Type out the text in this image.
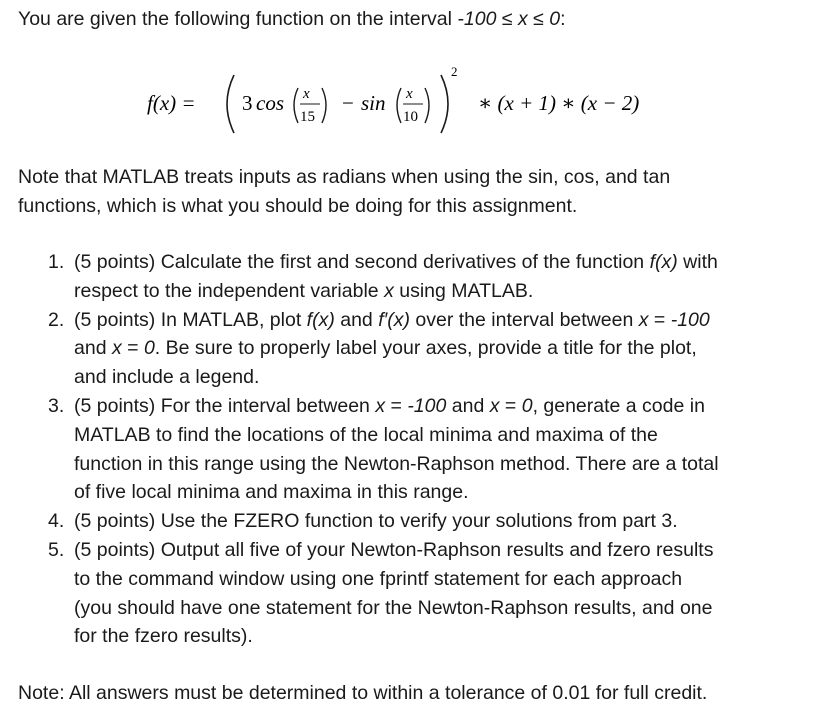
You are given the following function on the interval -100 ≤ x ≤ 0:
f(x) = 3 cos x
15
− sin x
10
2
∗ (x + 1) ∗ (x − 2)
Note that MATLAB treats inputs as radians when using the sin, cos, and tan
functions, which is what you should be doing for this assignment.
1. (5 points) Calculate the first and second derivatives of the function f(x) with
respect to the independent variable x using MATLAB.
2. (5 points) In MATLAB, plot f(x) and f′(x) over the interval between x = -100
and x = 0. Be sure to properly label your axes, provide a title for the plot,
and include a legend.
3. (5 points) For the interval between x = -100 and x = 0, generate a code in
MATLAB to find the locations of the local minima and maxima of the
function in this range using the Newton-Raphson method. There are a total
of five local minima and maxima in this range.
4. (5 points) Use the FZERO function to verify your solutions from part 3.
5. (5 points) Output all five of your Newton-Raphson results and fzero results
to the command window using one fprintf statement for each approach
(you should have one statement for the Newton-Raphson results, and one
for the fzero results).
Note: All answers must be determined to within a tolerance of 0.01 for full credit.
